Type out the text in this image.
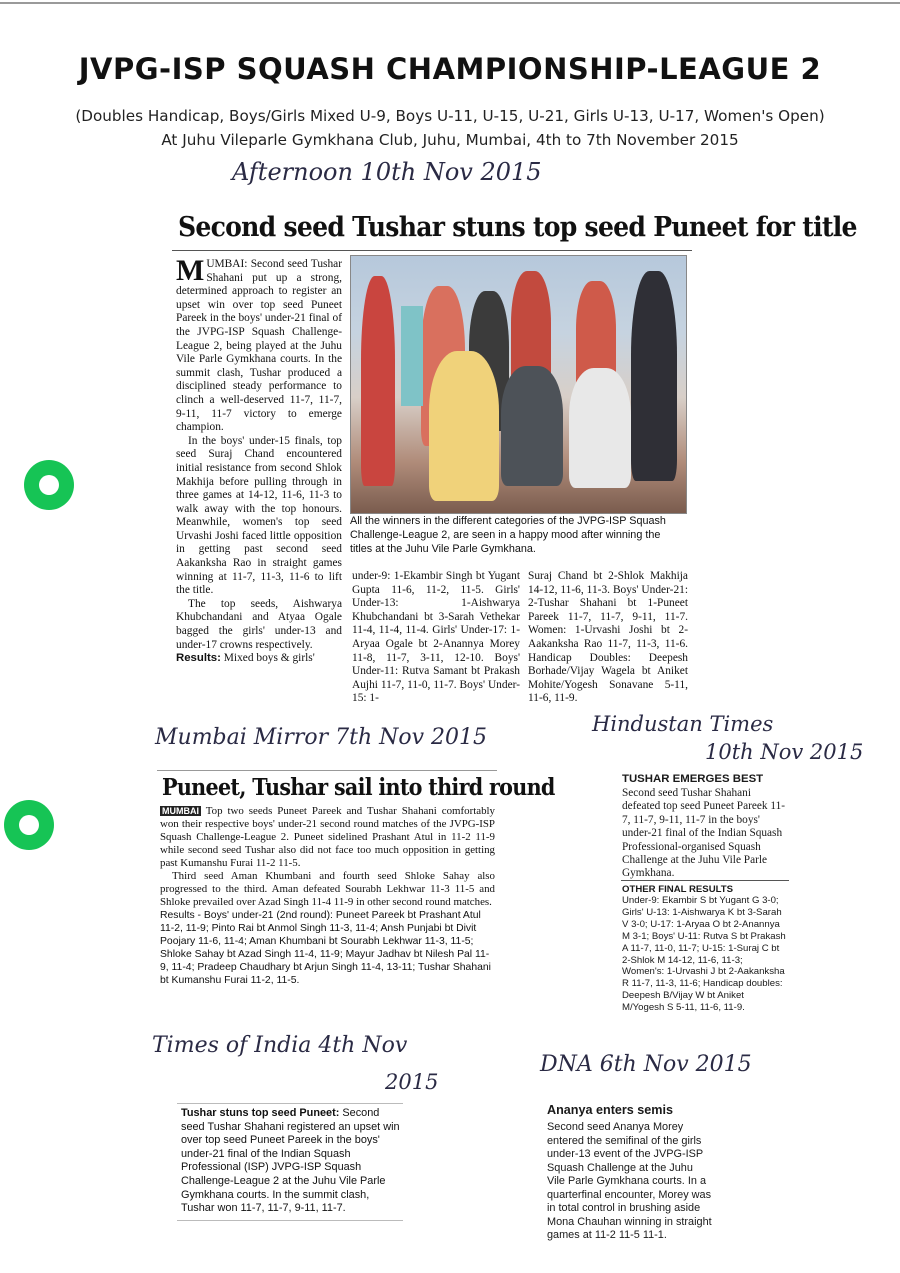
JVPG-ISP SQUASH CHAMPIONSHIP-LEAGUE 2
(Doubles Handicap, Boys/Girls Mixed U-9, Boys U-11, U-15, U-21, Girls U-13, U-17, Women's Open)
At Juhu Vileparle Gymkhana Club, Juhu, Mumbai, 4th to 7th November 2015
Afternoon 10th Nov 2015
Mumbai Mirror 7th Nov 2015
Hindustan Times
10th Nov 2015
Times of India 4th Nov
2015
DNA 6th Nov 2015
Second seed Tushar stuns top seed Puneet for title

MUMBAI: Second seed Tushar Shahani put up a strong, determined approach to register an upset win over top seed Puneet Pareek in the boys' under-21 final of the JVPG-ISP Squash Challenge-League 2, being played at the Juhu Vile Parle Gymkhana courts. In the summit clash, Tushar produced a disciplined steady performance to clinch a well-deserved 11-7, 11-7, 9-11, 11-7 victory to emerge champion.

In the boys' under-15 finals, top seed Suraj Chand encountered initial resistance from second Shlok Makhija before pulling through in three games at 14-12, 11-6, 11-3 to walk away with the top honours. Meanwhile, women's top seed Urvashi Joshi faced little opposition in getting past second seed Aakanksha Rao in straight games winning at 11-7, 11-3, 11-6 to lift the title.

The top seeds, Aishwarya Khubchandani and Atyaa Ogale bagged the girls' under-13 and under-17 crowns respectively.

Results: Mixed boys & girls'

All the winners in the different categories of the JVPG-ISP Squash Challenge-League 2, are seen in a happy mood after winning the titles at the Juhu Vile Parle Gymkhana.
under-9: 1-Ekambir Singh bt Yugant Gupta 11-6, 11-2, 11-5. Girls' Under-13: 1-Aishwarya Khubchandani bt 3-Sarah Vethekar 11-4, 11-4, 11-4. Girls' Under-17: 1-Aryaa Ogale bt 2-Anannya Morey 11-8, 11-7, 3-11, 12-10. Boys' Under-11: Rutva Samant bt Prakash Aujhi 11-7, 11-0, 11-7. Boys' Under-15: 1-
Suraj Chand bt 2-Shlok Makhija 14-12, 11-6, 11-3. Boys' Under-21: 2-Tushar Shahani bt 1-Puneet Pareek 11-7, 11-7, 9-11, 11-7. Women: 1-Urvashi Joshi bt 2-Aakanksha Rao 11-7, 11-3, 11-6. Handicap Doubles: Deepesh Borhade/Vijay Wagela bt Aniket Mohite/Yogesh Sonavane 5-11, 11-6, 11-9.
Puneet, Tushar sail into third round

MUMBAI Top two seeds Puneet Pareek and Tushar Shahani comfortably won their respective boys' under-21 second round matches of the JVPG-ISP Squash Challenge-League 2. Puneet sidelined Prashant Atul in 11-2 11-9 while second seed Tushar also did not face too much opposition in getting past Kumanshu Furai 11-2 11-5.

Third seed Aman Khumbani and fourth seed Shloke Sahay also progressed to the third. Aman defeated Sourabh Lekhwar 11-3 11-5 and Shloke prevailed over Azad Singh 11-4 11-9 in other second round matches.

Results - Boys' under-21 (2nd round): Puneet Pareek bt Prashant Atul 11-2, 11-9; Pinto Rai bt Anmol Singh 11-3, 11-4; Ansh Punjabi bt Divit Poojary 11-6, 11-4; Aman Khumbani bt Sourabh Lekhwar 11-3, 11-5; Shloke Sahay bt Azad Singh 11-4, 11-9; Mayur Jadhav bt Nilesh Pal 11-9, 11-4; Pradeep Chaudhary bt Arjun Singh 11-4, 13-11; Tushar Shahani bt Kumanshu Furai 11-2, 11-5.

TUSHAR EMERGES BEST
Second seed Tushar Shahani defeated top seed Puneet Pareek 11-7, 11-7, 9-11, 11-7 in the boys' under-21 final of the Indian Squash Professional-organised Squash Challenge at the Juhu Vile Parle Gymkhana.
OTHER FINAL RESULTS
Under-9: Ekambir S bt Yugant G 3-0; Girls' U-13: 1-Aishwarya K bt 3-Sarah V 3-0; U-17: 1-Aryaa O bt 2-Anannya M 3-1; Boys' U-11: Rutva S bt Prakash A 11-7, 11-0, 11-7; U-15: 1-Suraj C bt 2-Shlok M 14-12, 11-6, 11-3; Women's: 1-Urvashi J bt 2-Aakanksha R 11-7, 11-3, 11-6; Handicap doubles: Deepesh B/Vijay W bt Aniket M/Yogesh S 5-11, 11-6, 11-9.
Tushar stuns top seed Puneet: Second seed Tushar Shahani registered an upset win over top seed Puneet Pareek in the boys' under-21 final of the Indian Squash Professional (ISP) JVPG-ISP Squash Challenge-League 2 at the Juhu Vile Parle Gymkhana courts. In the summit clash, Tushar won 11-7, 11-7, 9-11, 11-7.
Ananya enters semis
Second seed Ananya Morey entered the semifinal of the girls under-13 event of the JVPG-ISP Squash Challenge at the Juhu Vile Parle Gymkhana courts. In a quarterfinal encounter, Morey was in total control in brushing aside Mona Chauhan winning in straight games at 11-2 11-5 11-1.
